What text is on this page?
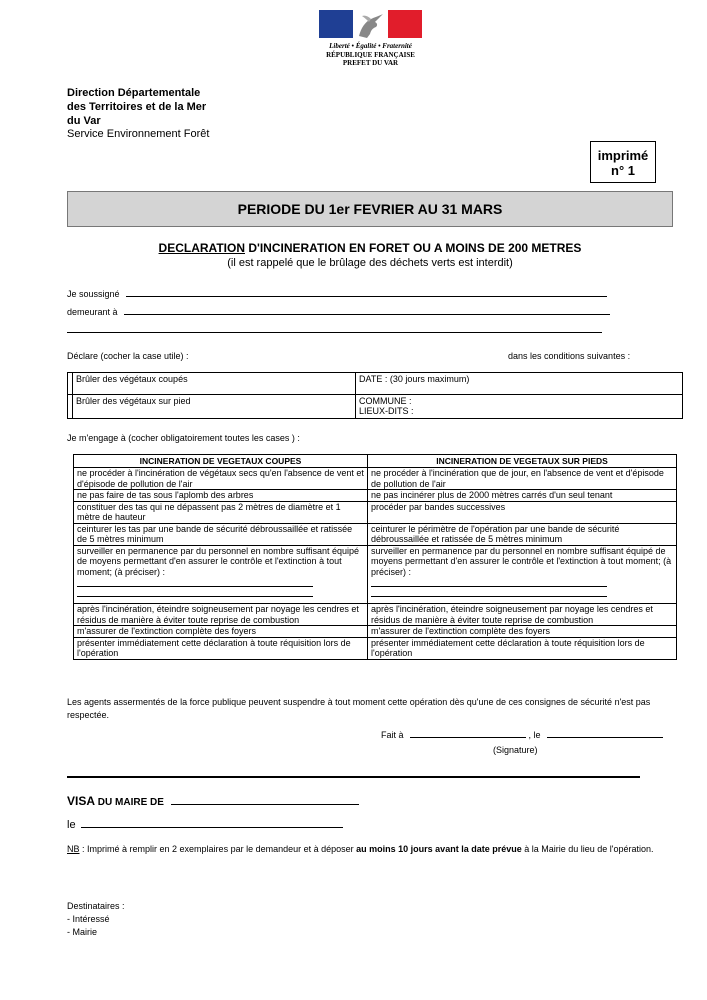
Liberté • Égalité • Fraternité
RÉPUBLIQUE FRANÇAISE
PREFET DU VAR
Direction Départementale
des Territoires et de la Mer
du Var
Service Environnement Forêt
imprimé
n° 1
PERIODE DU 1er FEVRIER AU 31 MARS
DECLARATION D'INCINERATION EN FORET OU A MOINS DE 200 METRES
(il est rappelé que le brûlage des déchets verts est interdit)
Je soussigné
demeurant à
Déclare (cocher la case utile) :	dans les conditions suivantes :
	Brûler des végétaux coupés	DATE : (30 jours maximum)
	Brûler des végétaux sur pied	COMMUNE :
LIEUX-DITS :
Je m'engage à (cocher obligatoirement toutes les cases ) :
INCINERATION DE VEGETAUX COUPES	INCINERATION DE VEGETAUX SUR PIEDS
ne procéder à l'incinération de végétaux secs qu'en l'absence de vent et d'épisode de pollution de l'air	ne procéder à l'incinération que de jour, en l'absence de vent et d'épisode de pollution de l'air
ne pas faire de tas sous l'aplomb des arbres	ne pas incinérer plus de 2000 mètres carrés d'un seul tenant
constituer des tas qui ne dépassent pas 2 mètres de diamètre et 1 mètre de hauteur	procéder par bandes successives
ceinturer les tas par une bande de sécurité débroussaillée et ratissée de 5 mètres minimum	ceinturer le périmètre de l'opération par une bande de sécurité débroussaillée et ratissée de 5 mètres minimum
surveiller en permanence par du personnel en nombre suffisant équipé de moyens permettant d'en assurer le contrôle et l'extinction à tout moment; (à préciser) :	surveiller en permanence par du personnel en nombre suffisant équipé de moyens permettant d'en assurer le contrôle et l'extinction à tout moment; (à préciser) :

après l'incinération, éteindre soigneusement par noyage les cendres et résidus de manière à éviter toute reprise de combustion	après l'incinération, éteindre soigneusement par noyage les cendres et résidus de manière à éviter toute reprise de combustion
m'assurer de l'extinction complète des foyers	m'assurer de l'extinction complète des foyers
présenter immédiatement cette déclaration à toute réquisition lors de l'opération	présenter immédiatement cette déclaration à toute réquisition lors de l'opération
Les agents assermentés de la force publique peuvent suspendre à tout moment cette opération dès qu'une de ces consignes de sécurité n'est pas respectée.
Fait à	, le
(Signature)
VISA DU MAIRE DE
le
NB : Imprimé à remplir en 2 exemplaires par le demandeur et à déposer au moins 10 jours avant la date prévue à la Mairie du lieu de l'opération.
Destinataires :
- Intéressé
- Mairie
